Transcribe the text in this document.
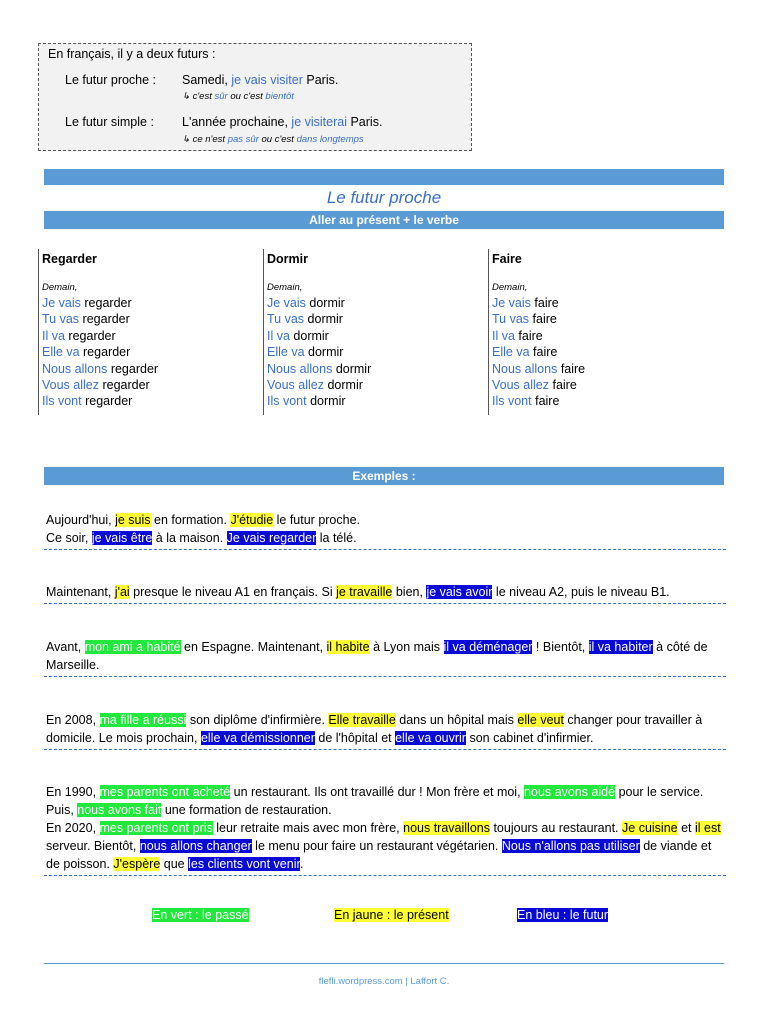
En français, il y a deux futurs :
Le futur proche : Samedi, je vais visiter Paris.
↳ c'est sûr ou c'est bientôt
Le futur simple : L'année prochaine, je visiterai Paris.
↳ ce n'est pas sûr ou c'est dans longtemps
Le futur proche
Aller au présent + le verbe
Regarder
Demain,
Je vais regarder
Tu vas regarder
Il va regarder
Elle va regarder
Nous allons regarder
Vous allez regarder
Ils vont regarder
Dormir
Demain,
Je vais dormir
Tu vas dormir
Il va dormir
Elle va dormir
Nous allons dormir
Vous allez dormir
Ils vont dormir
Faire
Demain,
Je vais faire
Tu vas faire
Il va faire
Elle va faire
Nous allons faire
Vous allez faire
Ils vont faire
Exemples :
Aujourd'hui, je suis en formation. J'étudie le futur proche.
Ce soir, je vais être à la maison. Je vais regarder la télé.
Maintenant, j'ai presque le niveau A1 en français. Si je travaille bien, je vais avoir le niveau A2, puis le niveau B1.
Avant, mon ami a habité en Espagne. Maintenant, il habite à Lyon mais il va déménager ! Bientôt, il va habiter à côté de Marseille.
En 2008, ma fille a réussi son diplôme d'infirmière. Elle travaille dans un hôpital mais elle veut changer pour travailler à domicile. Le mois prochain, elle va démissionner de l'hôpital et elle va ouvrir son cabinet d'infirmier.
En 1990, mes parents ont acheté un restaurant. Ils ont travaillé dur ! Mon frère et moi, nous avons aidé pour le service. Puis, nous avons fait une formation de restauration.
En 2020, mes parents ont pris leur retraite mais avec mon frère, nous travaillons toujours au restaurant. Je cuisine et il est serveur. Bientôt, nous allons changer le menu pour faire un restaurant végétarien. Nous n'allons pas utiliser de viande et de poisson. J'espère que les clients vont venir.
En vert : le passé	En jaune : le présent	En bleu : le futur
flefli.wordpress.com | Laffort C.
